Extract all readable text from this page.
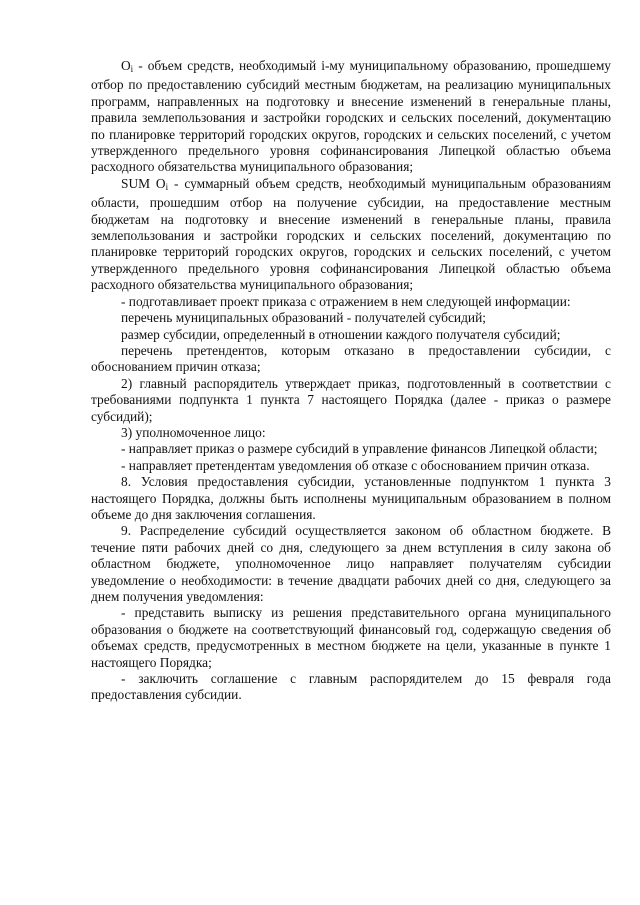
$O_i$ - объем средств, необходимый i-му муниципальному образованию, прошедшему отбор по предоставлению субсидий местным бюджетам, на реализацию муниципальных программ, направленных на подготовку и внесение изменений в генеральные планы, правила землепользования и застройки городских и сельских поселений, документацию по планировке территорий городских округов, городских и сельских поселений, с учетом утвержденного предельного уровня софинансирования Липецкой областью объема расходного обязательства муниципального образования;

SUM $O_i$ - суммарный объем средств, необходимый муниципальным образованиям области, прошедшим отбор на получение субсидии, на предоставление местным бюджетам на подготовку и внесение изменений в генеральные планы, правила землепользования и застройки городских и сельских поселений, документацию по планировке территорий городских округов, городских и сельских поселений, с учетом утвержденного предельного уровня софинансирования Липецкой областью объема расходного обязательства муниципального образования;

- подготавливает проект приказа с отражением в нем следующей информации:

перечень муниципальных образований - получателей субсидий;

размер субсидии, определенный в отношении каждого получателя субсидий;

перечень претендентов, которым отказано в предоставлении субсидии, с обоснованием причин отказа;

2) главный распорядитель утверждает приказ, подготовленный в соответствии с требованиями подпункта 1 пункта 7 настоящего Порядка (далее - приказ о размере субсидий);

3) уполномоченное лицо:

- направляет приказ о размере субсидий в управление финансов Липецкой области;

- направляет претендентам уведомления об отказе с обоснованием причин отказа.

8. Условия предоставления субсидии, установленные подпунктом 1 пункта 3 настоящего Порядка, должны быть исполнены муниципальным образованием в полном объеме до дня заключения соглашения.

9. Распределение субсидий осуществляется законом об областном бюджете. В течение пяти рабочих дней со дня, следующего за днем вступления в силу закона об областном бюджете, уполномоченное лицо направляет получателям субсидии уведомление о необходимости: в течение двадцати рабочих дней со дня, следующего за днем получения уведомления:

- представить выписку из решения представительного органа муниципального образования о бюджете на соответствующий финансовый год, содержащую сведения об объемах средств, предусмотренных в местном бюджете на цели, указанные в пункте 1 настоящего Порядка;

- заключить соглашение с главным распорядителем до 15 февраля года предоставления субсидии.
